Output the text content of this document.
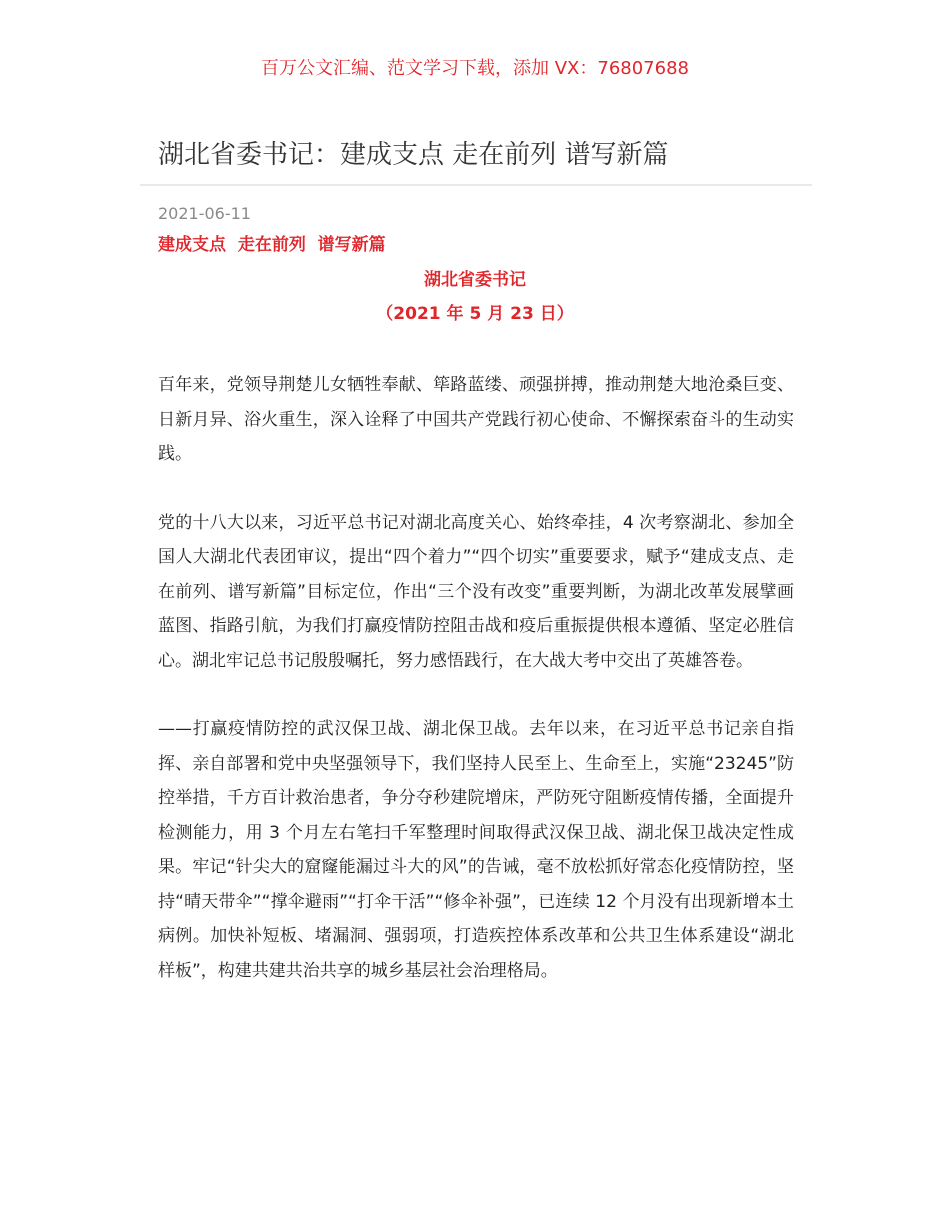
百万公文汇编、范文学习下载，添加 VX：76807688
湖北省委书记：建成支点 走在前列 谱写新篇
2021-06-11
建成支点  走在前列  谱写新篇
湖北省委书记
（2021 年 5 月 23 日）

百年来，党领导荆楚儿女牺牲奉献、筚路蓝缕、顽强拼搏，推动荆楚大地沧桑巨变、日新月异、浴火重生，深入诠释了中国共产党践行初心使命、不懈探索奋斗的生动实践。

党的十八大以来，习近平总书记对湖北高度关心、始终牵挂，4 次考察湖北、参加全国人大湖北代表团审议，提出“四个着力”“四个切实”重要要求，赋予“建成支点、走在前列、谱写新篇”目标定位，作出“三个没有改变”重要判断，为湖北改革发展擘画蓝图、指路引航，为我们打赢疫情防控阻击战和疫后重振提供根本遵循、坚定必胜信心。湖北牢记总书记殷殷嘱托，努力感悟践行，在大战大考中交出了英雄答卷。

——打赢疫情防控的武汉保卫战、湖北保卫战。去年以来，在习近平总书记亲自指挥、亲自部署和党中央坚强领导下，我们坚持人民至上、生命至上，实施“23245”防控举措，千方百计救治患者，争分夺秒建院增床，严防死守阻断疫情传播，全面提升检测能力，用 3 个月左右笔扫千军整理时间取得武汉保卫战、湖北保卫战决定性成果。牢记“针尖大的窟窿能漏过斗大的风”的告诫，毫不放松抓好常态化疫情防控，坚持“晴天带伞”“撑伞避雨”“打伞干活”“修伞补强”，已连续 12 个月没有出现新增本土病例。加快补短板、堵漏洞、强弱项，打造疾控体系改革和公共卫生体系建设“湖北样板”，构建共建共治共享的城乡基层社会治理格局。
